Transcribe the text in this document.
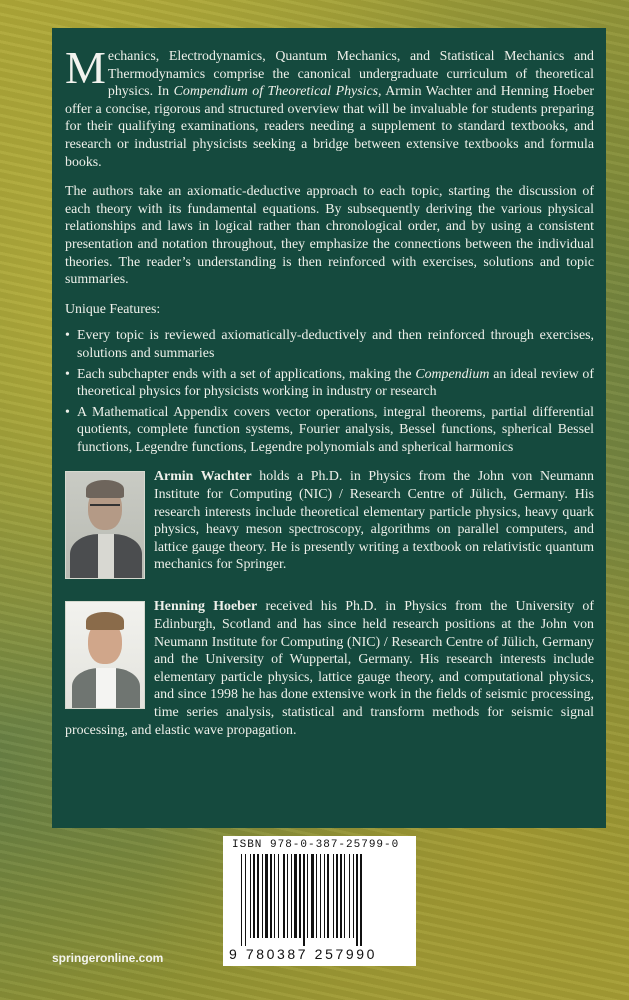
Mechanics, Electrodynamics, Quantum Mechanics, and Statistical Mechanics and Thermodynamics comprise the canonical undergraduate curriculum of theoretical physics. In Compendium of Theoretical Physics, Armin Wachter and Henning Hoeber offer a concise, rigorous and structured overview that will be invaluable for students preparing for their qualifying examinations, readers needing a supplement to standard textbooks, and research or industrial physicists seeking a bridge between extensive textbooks and formula books.

The authors take an axiomatic-deductive approach to each topic, starting the discussion of each theory with its fundamental equations. By subsequently deriving the various physical relationships and laws in logical rather than chronological order, and by using a consistent presentation and notation throughout, they emphasize the connections between the individual theories. The reader’s understanding is then reinforced with exercises, solutions and topic summaries.

Unique Features:

• Every topic is reviewed axiomatically-deductively and then reinforced through exercises, solutions and summaries
• Each subchapter ends with a set of applications, making the Compendium an ideal review of theoretical physics for physicists working in industry or research
• A Mathematical Appendix covers vector operations, integral theorems, partial differential quotients, complete function systems, Fourier analysis, Bessel functions, spherical Bessel functions, Legendre functions, Legendre polynomials and spherical harmonics
Armin Wachter holds a Ph.D. in Physics from the John von Neumann Institute for Computing (NIC) / Research Centre of Jülich, Germany. His research interests include theoretical elementary particle physics, heavy quark physics, heavy meson spectroscopy, algorithms on parallel computers, and lattice gauge theory. He is presently writing a textbook on relativistic quantum mechanics for Springer.
Henning Hoeber received his Ph.D. in Physics from the University of Edinburgh, Scotland and has since held research positions at the John von Neumann Institute for Computing (NIC) / Research Centre of Jülich, Germany and the University of Wuppertal, Germany. His research interests include elementary particle physics, lattice gauge theory, and computational physics, and since 1998 he has done extensive work in the fields of seismic processing, time series analysis, statistical and transform methods for seismic signal processing, and elastic wave propagation.
ISBN 978-0-387-25799-0
9 780387 257990
springeronline.com
